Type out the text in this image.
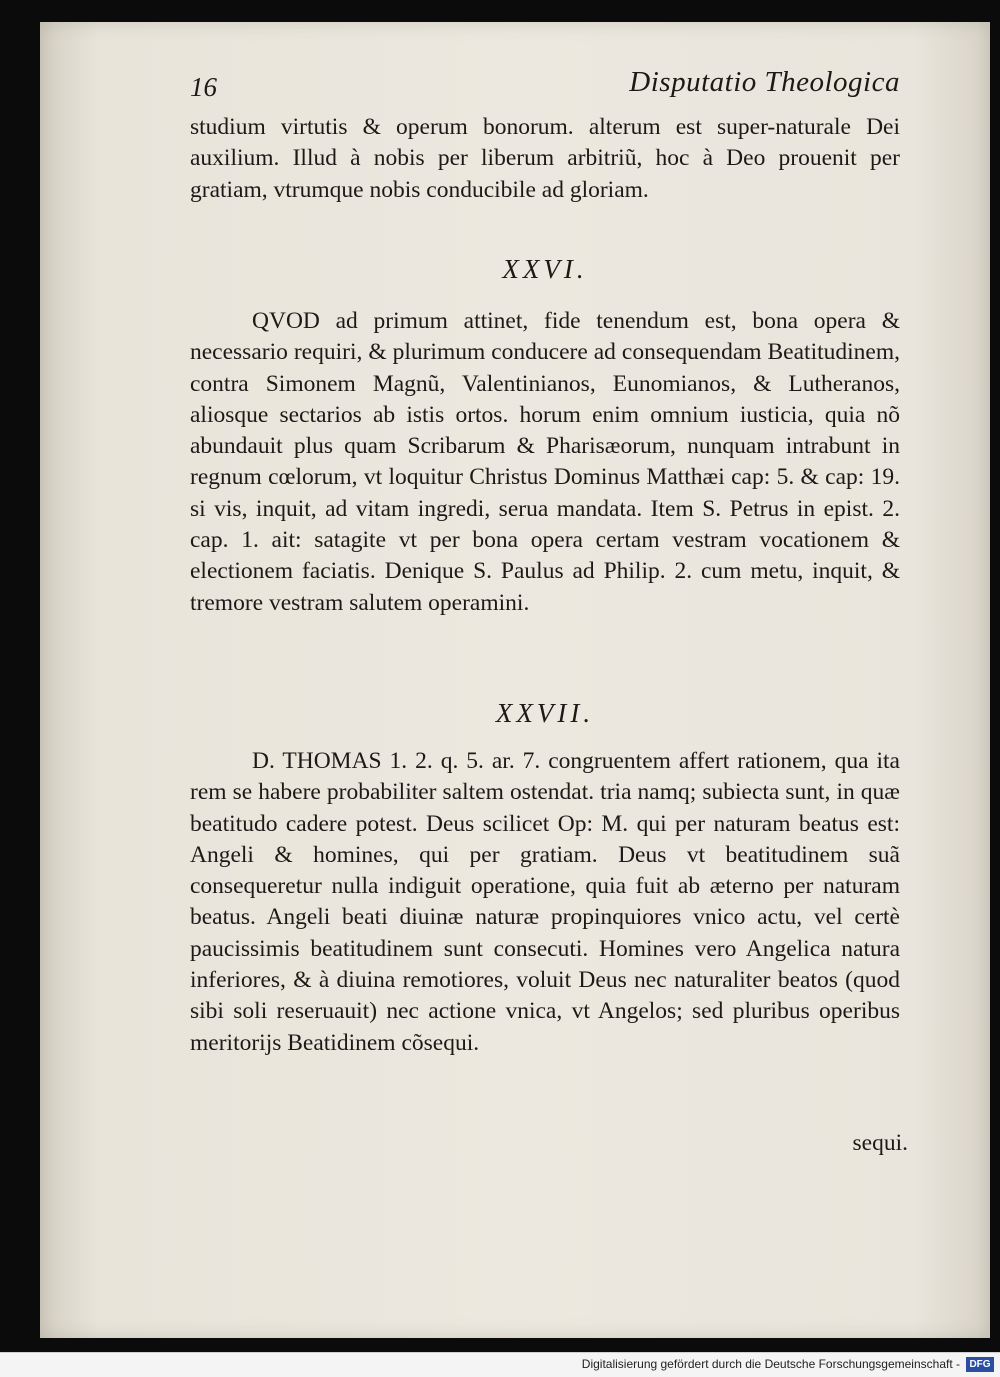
16	Disputatio Theologica

studium virtutis & operum bonorum. alterum est super-naturale Dei auxilium. Illud à nobis per liberum arbitriũ, hoc à Deo prouenit per gratiam, vtrumque nobis conducibile ad gloriam.

XXVI.

QVOD ad primum attinet, fide tenendum est, bona opera & necessario requiri, & plurimum conducere ad consequendam Beatitudinem, contra Simonem Magnũ, Valentinianos, Eunomianos, & Lutheranos, aliosque sectarios ab istis ortos. horum enim omnium iusticia, quia nõ abundauit plus quam Scribarum & Pharisæorum, nunquam intrabunt in regnum cœlorum, vt loquitur Christus Dominus Matthæi cap: 5. & cap: 19. si vis, inquit, ad vitam ingredi, serua mandata. Item S. Petrus in epist. 2. cap. 1. ait: satagite vt per bona opera certam vestram vocationem & electionem faciatis. Denique S. Paulus ad Philip. 2. cum metu, inquit, & tremore vestram salutem operamini.

XXVII.

D. THOMAS 1. 2. q. 5. ar. 7. congruentem affert rationem, qua ita rem se habere probabiliter saltem ostendat. tria namq; subiecta sunt, in quæ beatitudo cadere potest. Deus scilicet Op: M. qui per naturam beatus est: Angeli & homines, qui per gratiam. Deus vt beatitudinem suã consequeretur nulla indiguit operatione, quia fuit ab æterno per naturam beatus. Angeli beati diuinæ naturæ propinquiores vnico actu, vel certè paucissimis beatitudinem sunt consecuti. Homines vero Angelica natura inferiores, & à diuina remotiores, voluit Deus nec naturaliter beatos (quod sibi soli reseruauit) nec actione vnica, vt Angelos; sed pluribus operibus meritorijs Beatidinem cõsequi.

sequi.
Digitalisierung gefördert durch die Deutsche Forschungsgemeinschaft - DFG
